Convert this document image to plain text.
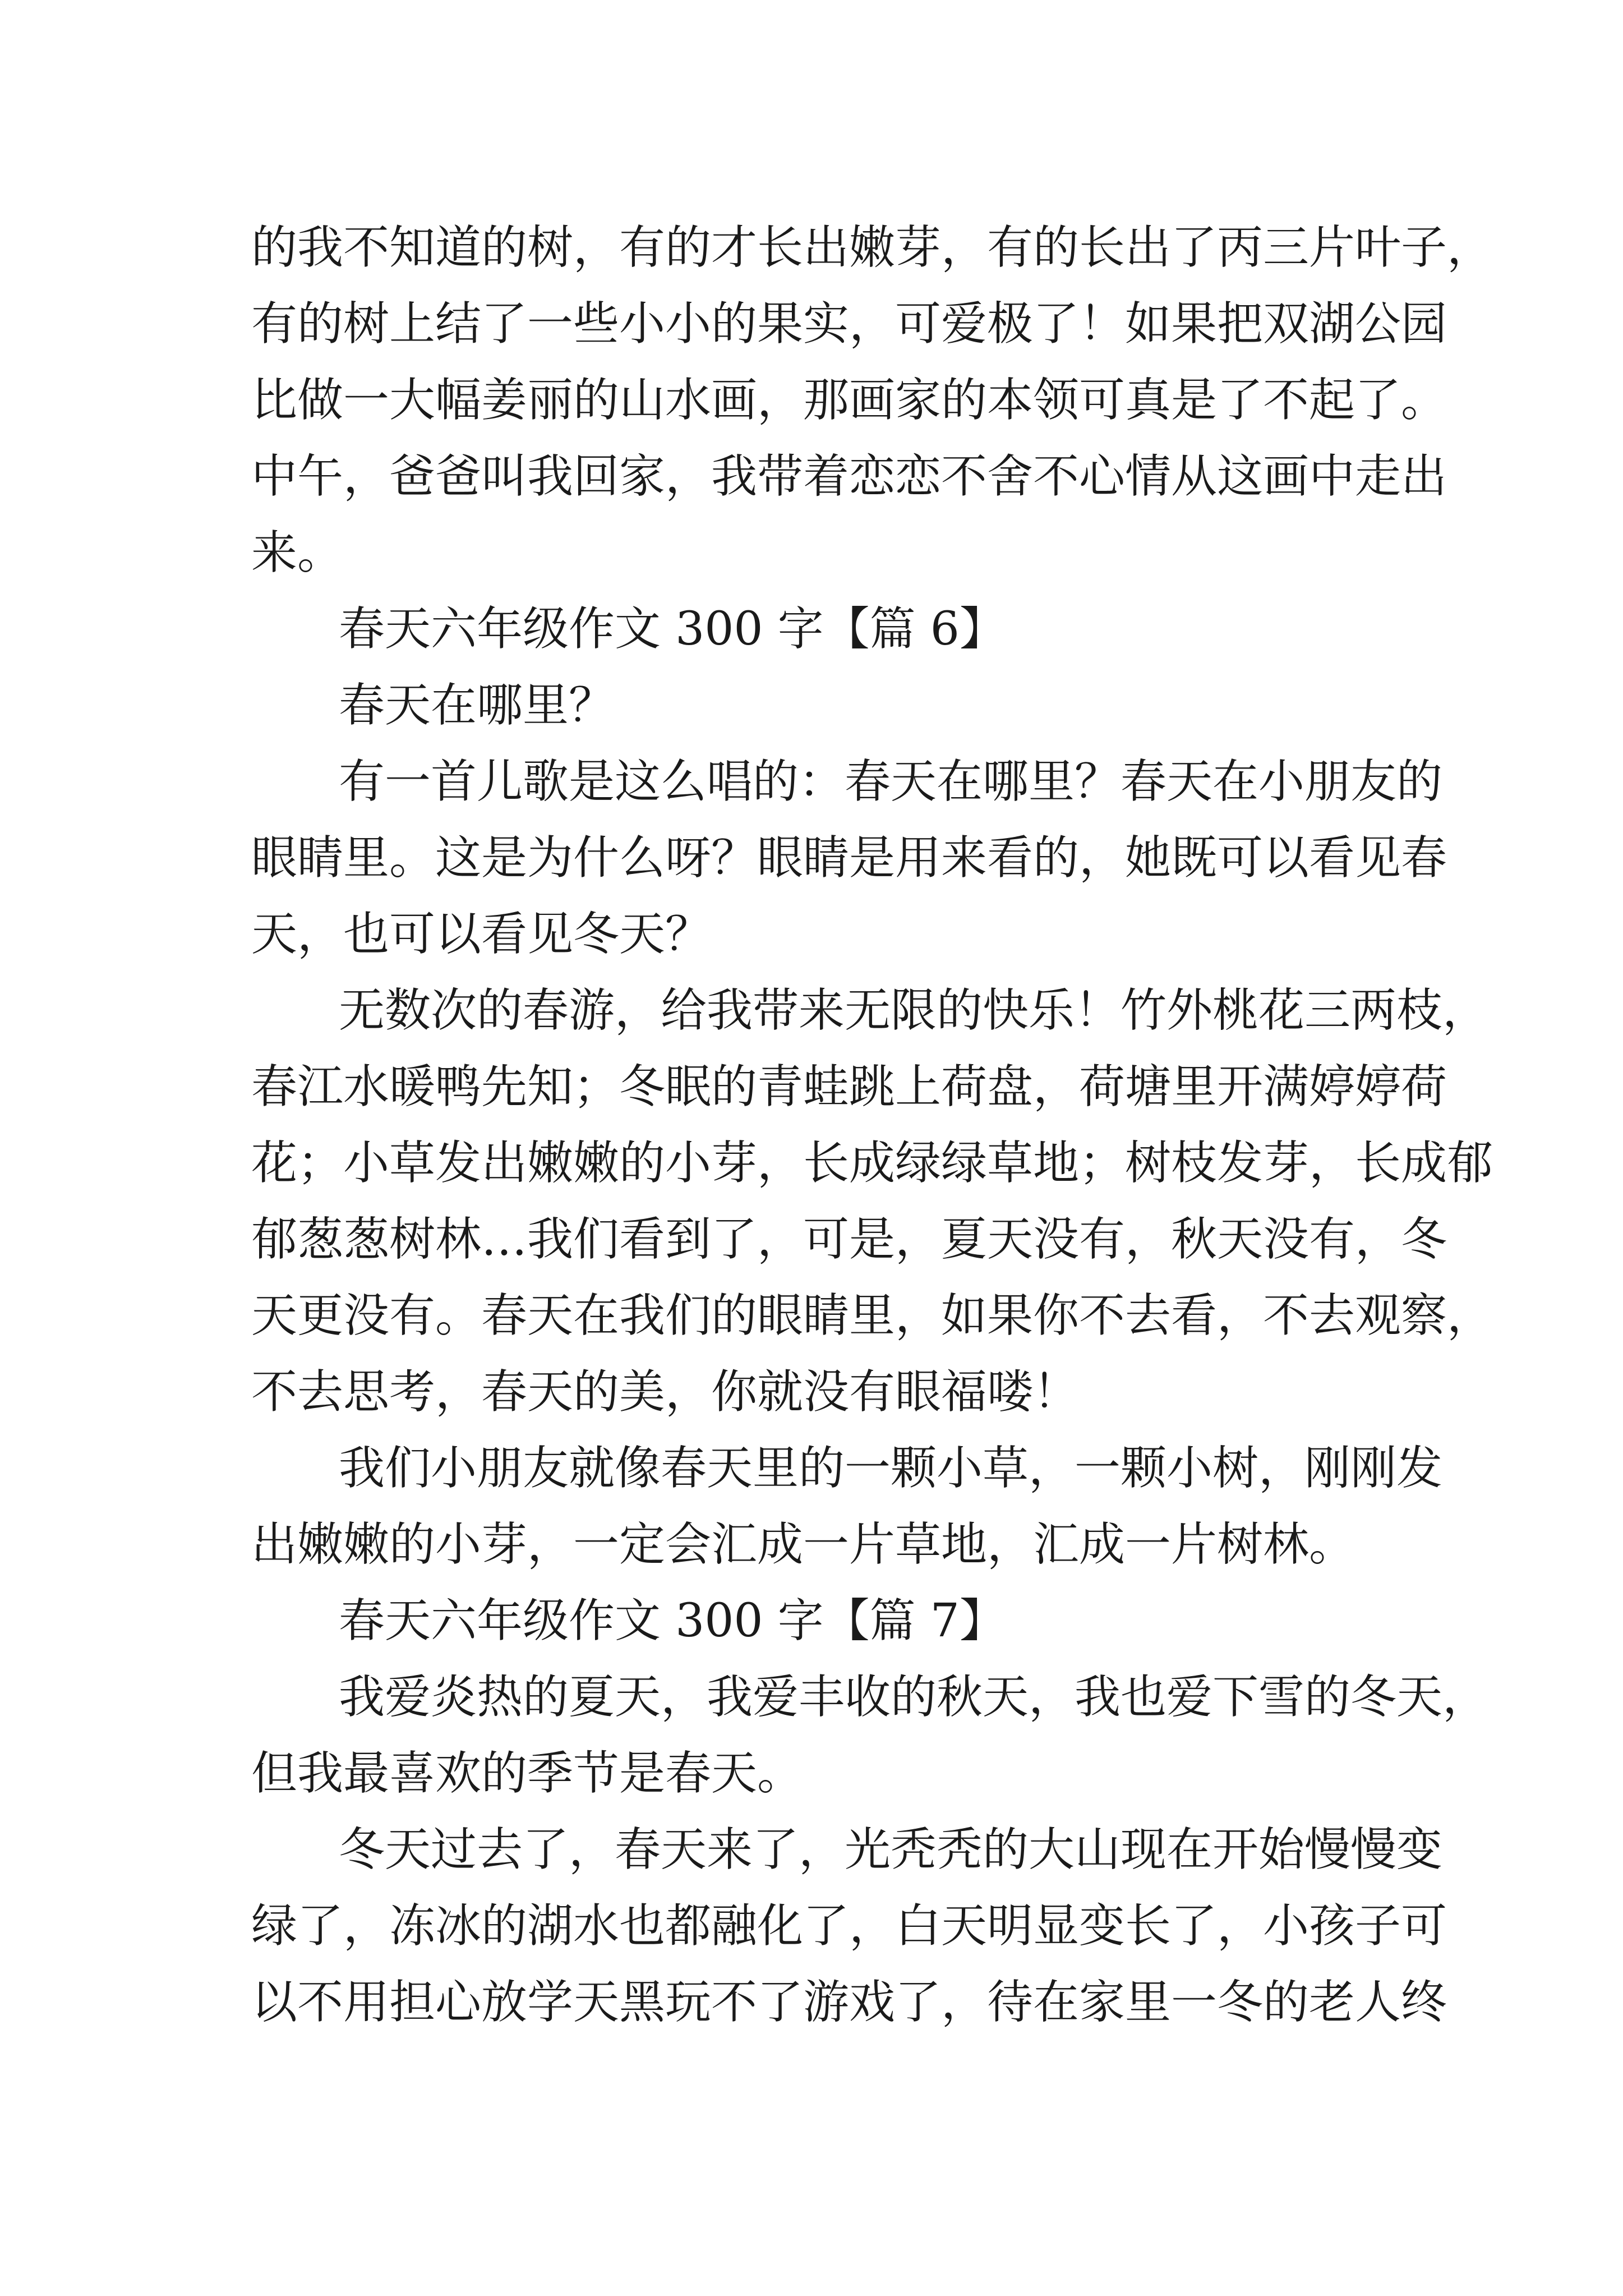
的我不知道的树，有的才长出嫩芽，有的长出了丙三片叶子，
有的树上结了一些小小的果实，可爱极了！如果把双湖公园
比做一大幅姜丽的山水画，那画家的本领可真是了不起了。
中午，爸爸叫我回家，我带着恋恋不舍不心情从这画中走出
来。
春天六年级作文 300 字【篇 6】
春天在哪里？
有一首儿歌是这么唱的：春天在哪里？春天在小朋友的
眼睛里。这是为什么呀？眼睛是用来看的，她既可以看见春
天，也可以看见冬天？
无数次的春游，给我带来无限的快乐！竹外桃花三两枝，
春江水暖鸭先知；冬眠的青蛙跳上荷盘，荷塘里开满婷婷荷
花；小草发出嫩嫩的小芽，长成绿绿草地；树枝发芽，长成郁
郁葱葱树林…我们看到了，可是，夏天没有，秋天没有，冬
天更没有。春天在我们的眼睛里，如果你不去看，不去观察，
不去思考，春天的美，你就没有眼福喽！
我们小朋友就像春天里的一颗小草，一颗小树，刚刚发
出嫩嫩的小芽，一定会汇成一片草地，汇成一片树林。
春天六年级作文 300 字【篇 7】
我爱炎热的夏天，我爱丰收的秋天，我也爱下雪的冬天，
但我最喜欢的季节是春天。
冬天过去了，春天来了，光秃秃的大山现在开始慢慢变
绿了，冻冰的湖水也都融化了，白天明显变长了，小孩子可
以不用担心放学天黑玩不了游戏了，待在家里一冬的老人终
